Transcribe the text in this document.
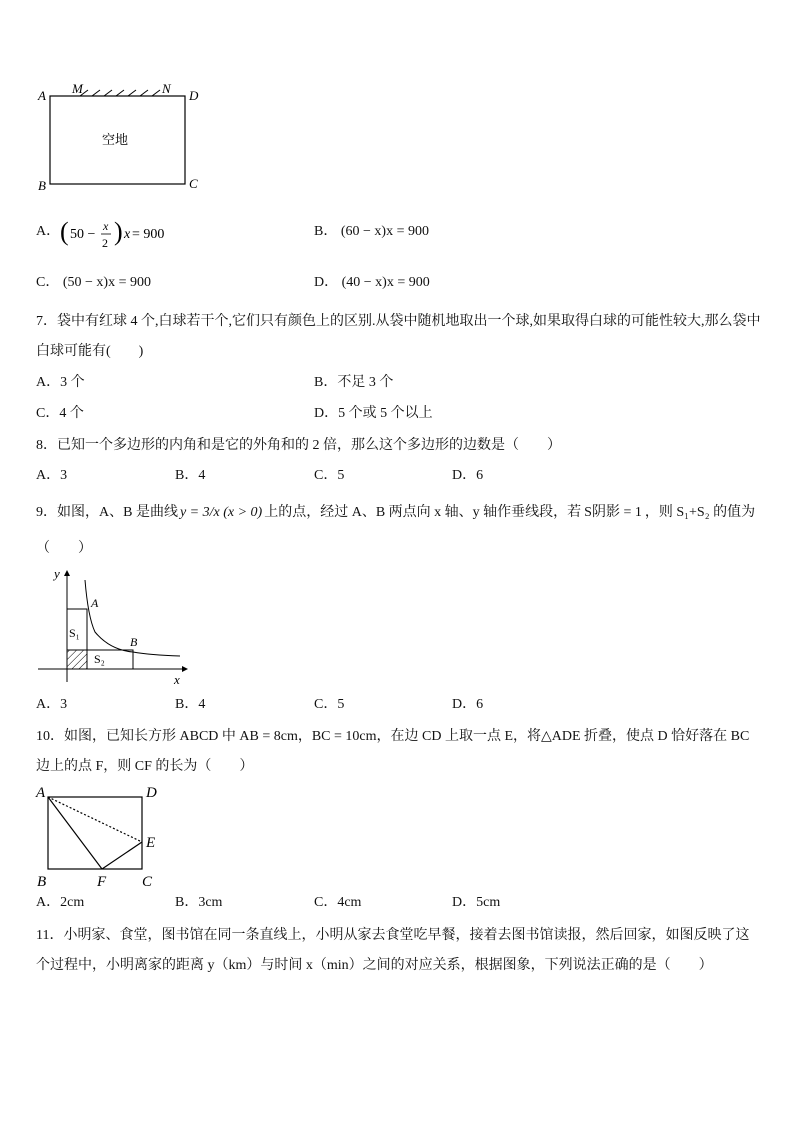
A M	N D
B	C
空地
A． ( 50 −
x
2 ) x = 900	B． (60 − x)x = 900
C． (50 − x)x = 900	D． (40 − x)x = 900
7．袋中有红球 4 个,白球若干个,它们只有颜色上的区别.从袋中随机地取出一个球,如果取得白球的可能性较大,那么袋中
白球可能有(　　)
A．3 个	B．不足 3 个
C．4 个	D．5 个或 5 个以上
8．已知一个多边形的内角和是它的外角和的 2 倍，那么这个多边形的边数是（　　）
A．3	B．4	C．5	D．6
9．如图，A、B 是曲线 y = 3/x (x > 0) 上的点，经过 A、B 两点向 x 轴、y 轴作垂线段，若 S阴影 = 1 ，则 S₁+S₂ 的值为
（　　）
y
x
A
B
S₁
S₂
A．3	B．4	C．5	D．6
10．如图，已知长方形 ABCD 中 AB = 8cm，BC = 10cm，在边 CD 上取一点 E，将△ADE 折叠，使点 D 恰好落在 BC
边上的点 F，则 CF 的长为（　　）
A	D
E
B	F C
A．2cm	B．3cm	C．4cm	D．5cm
11．小明家、食堂，图书馆在同一条直线上，小明从家去食堂吃早餐，接着去图书馆读报，然后回家，如图反映了这
个过程中，小明离家的距离 y（km）与时间 x（min）之间的对应关系，根据图象，下列说法正确的是（　　）
